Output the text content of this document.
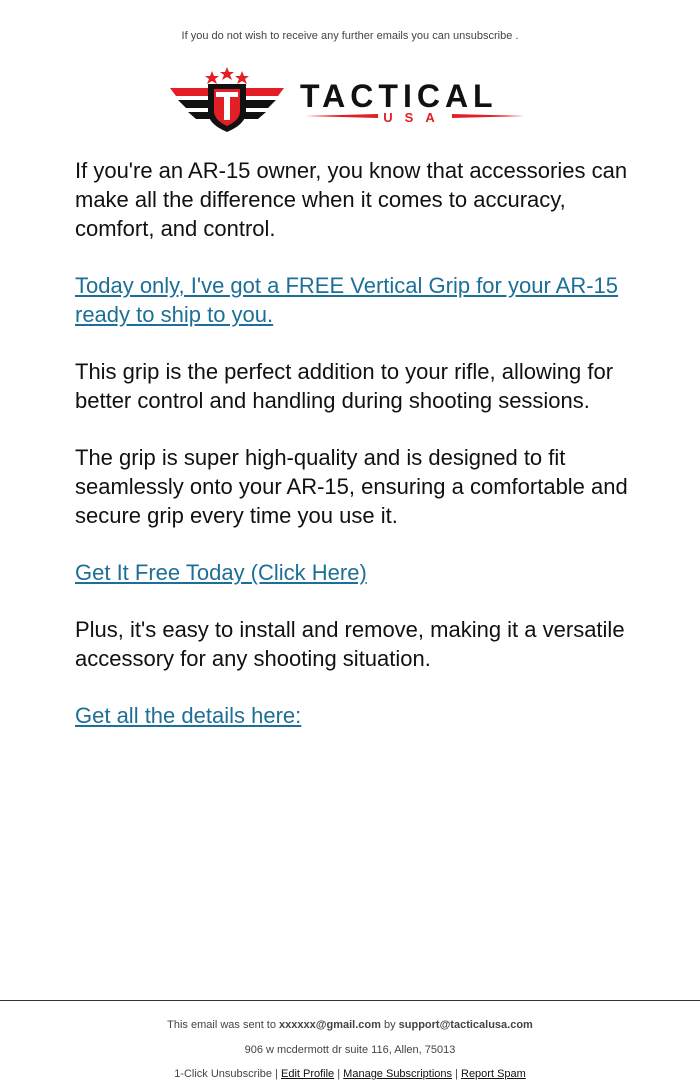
If you do not wish to receive any further emails you can unsubscribe .
TACTICAL
USA

If you're an AR-15 owner, you know that accessories can make all the difference when it comes to accuracy, comfort, and control.

Today only, I've got a FREE Vertical Grip for your AR-15 ready to ship to you.

This grip is the perfect addition to your rifle, allowing for better control and handling during shooting sessions.

The grip is super high-quality and is designed to fit seamlessly onto your AR-15, ensuring a comfortable and secure grip every time you use it.

Get It Free Today (Click Here)

Plus, it's easy to install and remove, making it a versatile accessory for any shooting situation.

Get all the details here:

This email was sent to xxxxxx@gmail.com by support@tacticalusa.com
906 w mcdermott dr suite 116, Allen, 75013
1-Click Unsubscribe | Edit Profile | Manage Subscriptions | Report Spam
